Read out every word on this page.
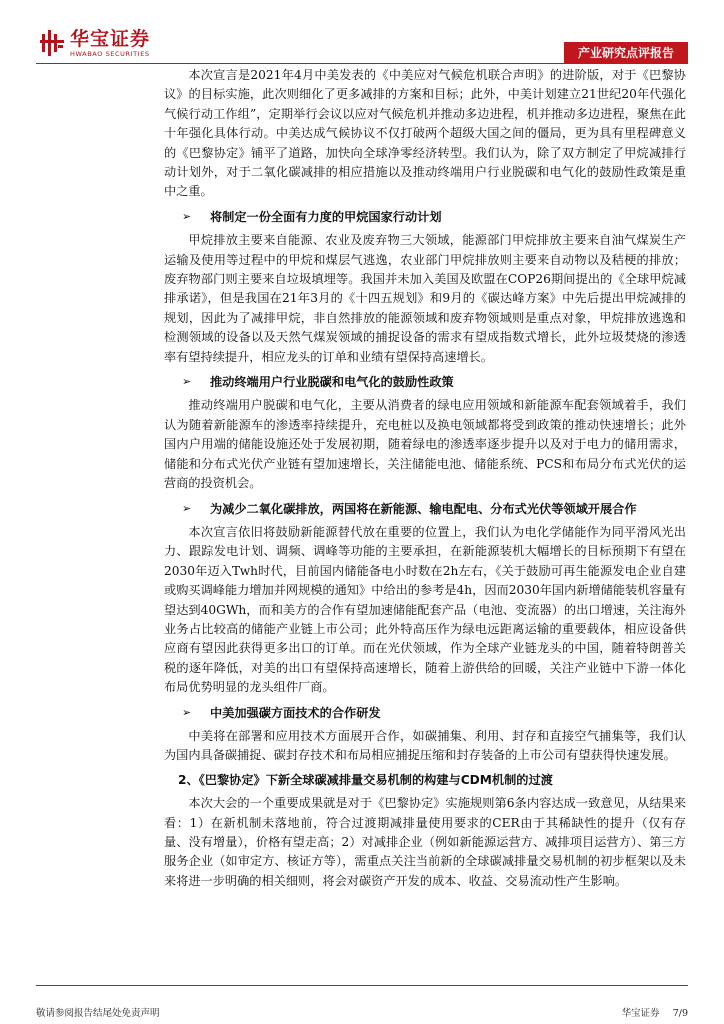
华宝证券
HWABAO SECURITIES	产业研究点评报告

本次宣言是2021年4月中美发表的《中美应对气候危机联合声明》的进阶版，对于《巴黎协议》的目标实施，此次则细化了更多减排的方案和目标；此外，中美计划建立21世纪20年代强化气候行动工作组”，定期举行会议以应对气候危机并推动多边进程，机并推动多边进程，聚焦在此十年强化具体行动。中美达成气候协议不仅打破两个超级大国之间的僵局，更为具有里程碑意义的《巴黎协定》铺平了道路，加快向全球净零经济转型。我们认为，除了双方制定了甲烷减排行动计划外，对于二氧化碳减排的相应措施以及推动终端用户行业脱碳和电气化的鼓励性政策是重中之重。

➢	将制定一份全面有力度的甲烷国家行动计划

甲烷排放主要来自能源、农业及废弃物三大领域，能源部门甲烷排放主要来自油气煤炭生产运输及使用等过程中的甲烷和煤层气逃逸，农业部门甲烷排放则主要来自动物以及秸梗的排放；废弃物部门则主要来自垃圾填埋等。我国并未加入美国及欧盟在COP26期间提出的《全球甲烷减排承诺》，但是我国在21年3月的《十四五规划》和9月的《碳达峰方案》中先后提出甲烷减排的规划，因此为了减排甲烷，非自然排放的能源领域和废弃物领域则是重点对象，甲烷排放逃逸和检测领域的设备以及天然气煤炭领域的捕捉设备的需求有望成指数式增长，此外垃圾焚烧的渗透率有望持续提升，相应龙头的订单和业绩有望保持高速增长。

➢	推动终端用户行业脱碳和电气化的鼓励性政策

推动终端用户脱碳和电气化，主要从消费者的绿电应用领域和新能源车配套领域着手，我们认为随着新能源车的渗透率持续提升，充电桩以及换电领域都将受到政策的推动快速增长；此外国内户用端的储能设施还处于发展初期，随着绿电的渗透率逐步提升以及对于电力的储用需求，储能和分布式光伏产业链有望加速增长，关注储能电池、储能系统、PCS和布局分布式光伏的运营商的投资机会。

➢	为减少二氧化碳排放，两国将在新能源、输电配电、分布式光伏等领域开展合作

本次宣言依旧将鼓励新能源替代放在重要的位置上，我们认为电化学储能作为同平滑风光出力、跟踪发电计划、调频、调峰等功能的主要承担，在新能源装机大幅增长的目标预期下有望在2030年迈入Twh时代，目前国内储能备电小时数在2h左右，《关于鼓励可再生能源发电企业自建或购买调峰能力增加并网规模的通知》中给出的参考是4h，因而2030年国内新增储能装机容量有望达到40GWh，而和美方的合作有望加速储能配套产品（电池、变流器）的出口增速，关注海外业务占比较高的储能产业链上市公司；此外特高压作为绿电远距离运输的重要载体，相应设备供应商有望因此获得更多出口的订单。而在光伏领域，作为全球产业链龙头的中国，随着特朗普关税的逐年降低，对美的出口有望保持高速增长，随着上游供给的回暖，关注产业链中下游一体化布局优势明显的龙头组件厂商。

➢	中美加强碳方面技术的合作研发

中美将在部署和应用技术方面展开合作，如碳捕集、利用、封存和直接空气捕集等，我们认为国内具备碳捕捉、碳封存技术和布局相应捕捉压缩和封存装备的上市公司有望获得快速发展。

2、《巴黎协定》下新全球碳减排量交易机制的构建与CDM机制的过渡

本次大会的一个重要成果就是对于《巴黎协定》实施规则第6条内容达成一致意见，从结果来看：1）在新机制未落地前，符合过渡期减排量使用要求的CER由于其稀缺性的提升（仅有存量、没有增量），价格有望走高；2）对减排企业（例如新能源运营方、减排项目运营方）、第三方服务企业（如审定方、核证方等），需重点关注当前新的全球碳减排量交易机制的初步框架以及未来将进一步明确的相关细则，将会对碳资产开发的成本、收益、交易流动性产生影响。

敬请参阅报告结尾处免责声明	华宝证券 7/9
